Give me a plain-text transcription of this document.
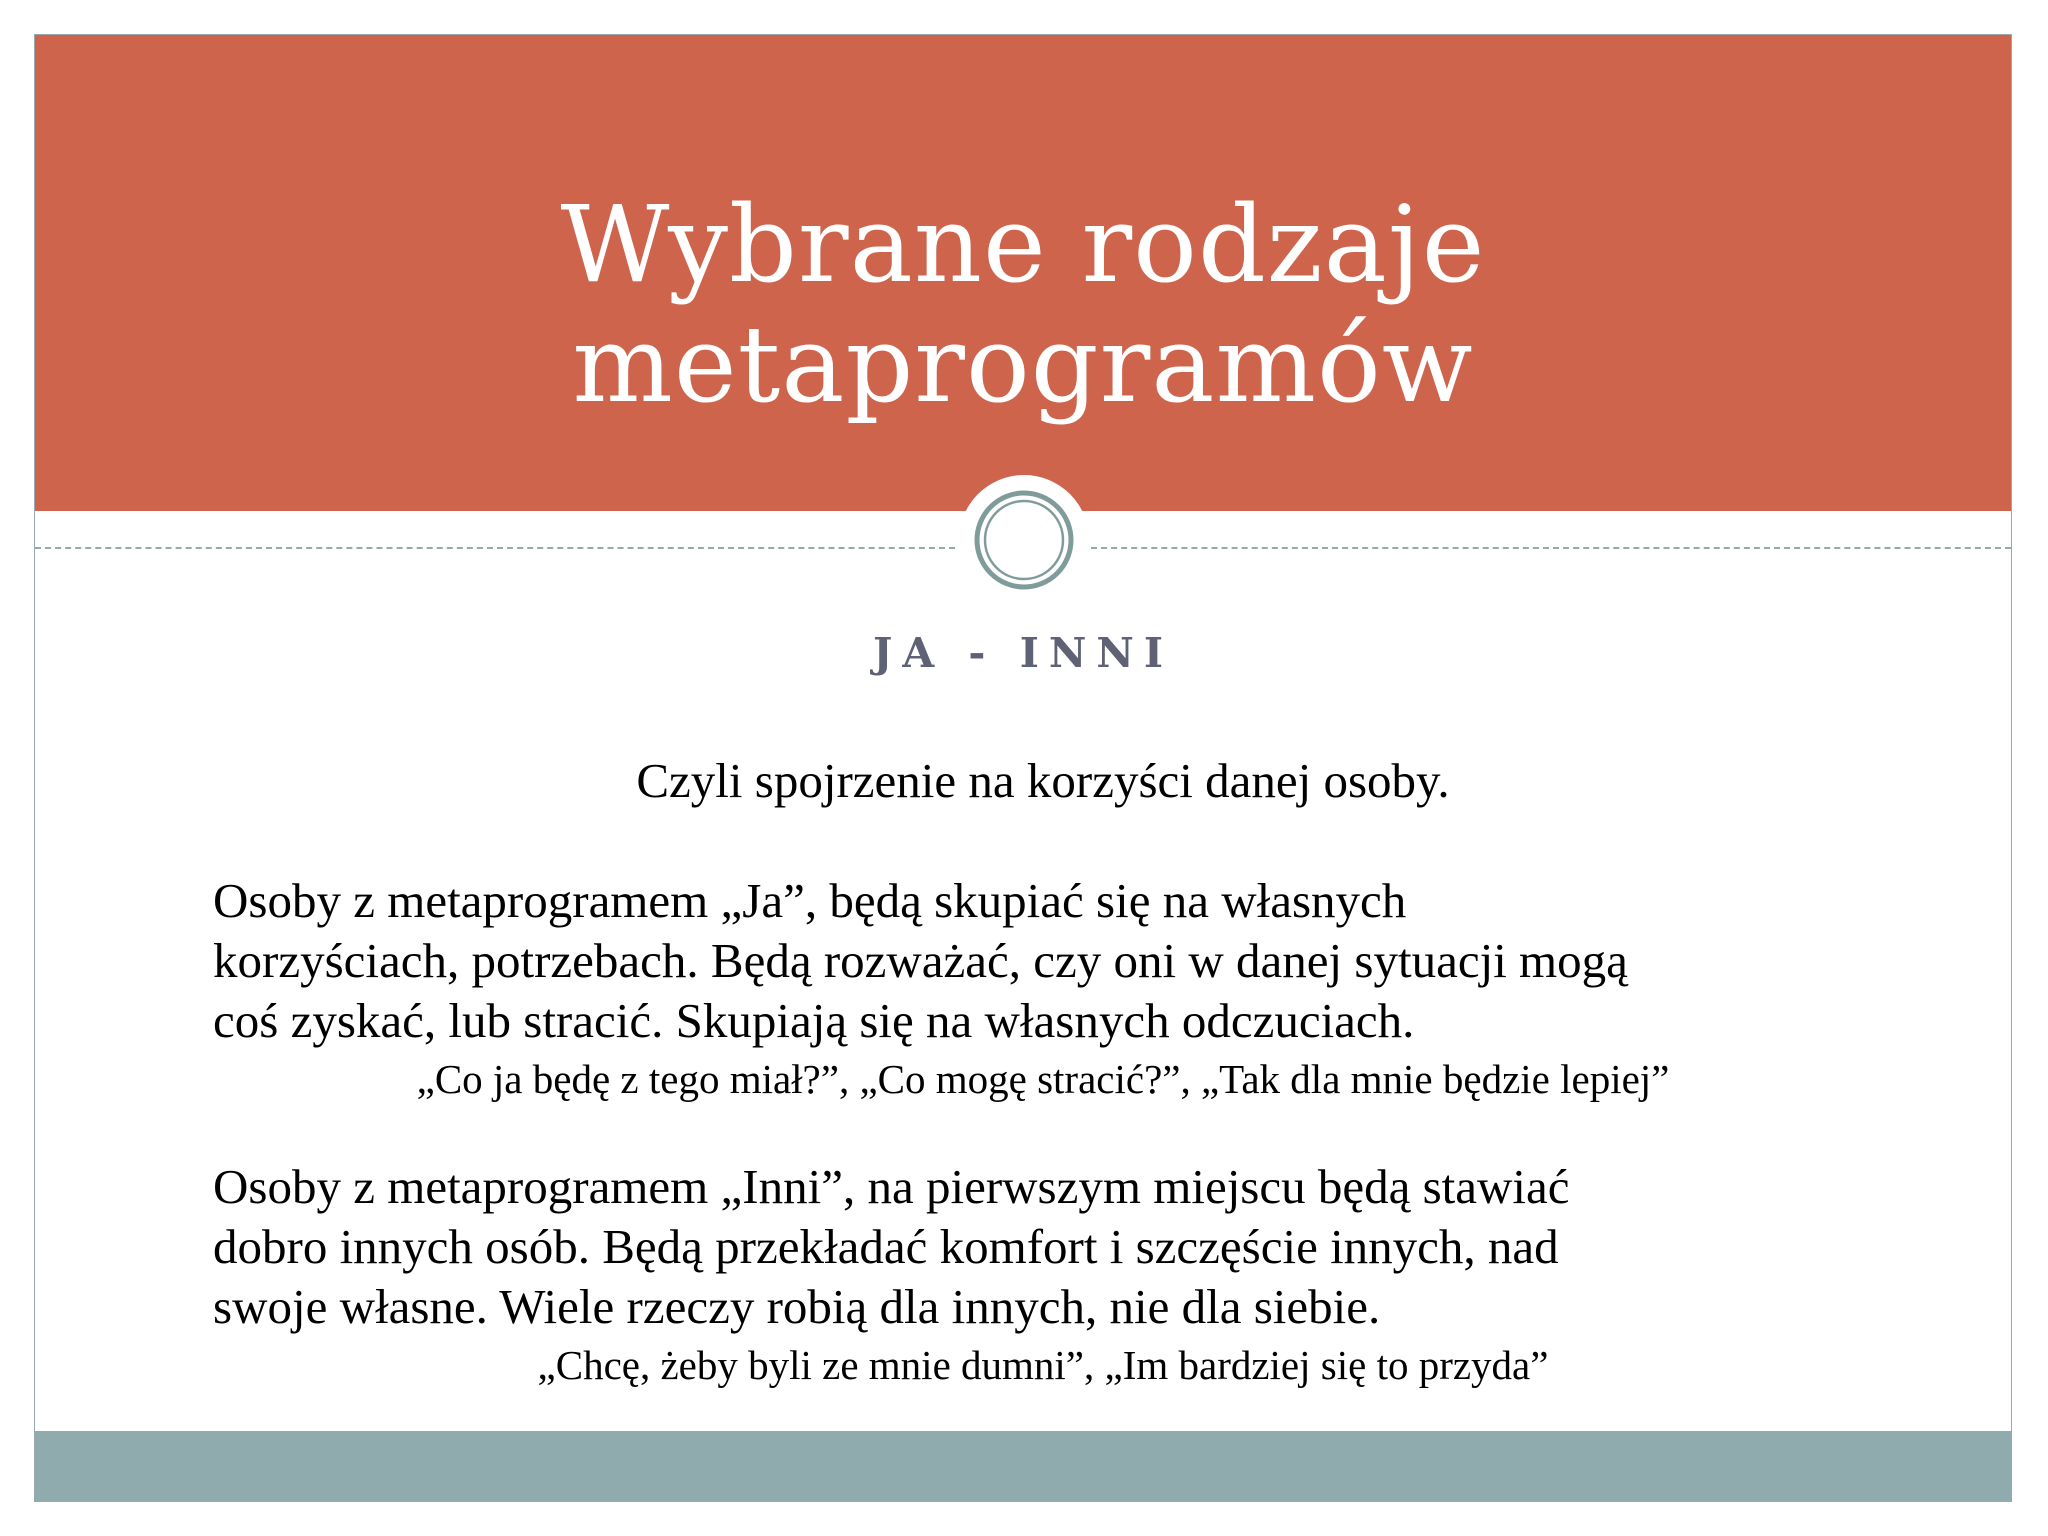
Wybrane rodzaje
metaprogramów
JA - INNI

Czyli spojrzenie na korzyści danej osoby.

Osoby z metaprogramem „Ja”, będą skupiać się na własnych
korzyściach, potrzebach. Będą rozważać, czy oni w danej sytuacji mogą
coś zyskać, lub stracić. Skupiają się na własnych odczuciach.

„Co ja będę z tego miał?”, „Co mogę stracić?”, „Tak dla mnie będzie lepiej”

Osoby z metaprogramem „Inni”, na pierwszym miejscu będą stawiać
dobro innych osób. Będą przekładać komfort i szczęście innych, nad
swoje własne. Wiele rzeczy robią dla innych, nie dla siebie.

„Chcę, żeby byli ze mnie dumni”, „Im bardziej się to przyda”
